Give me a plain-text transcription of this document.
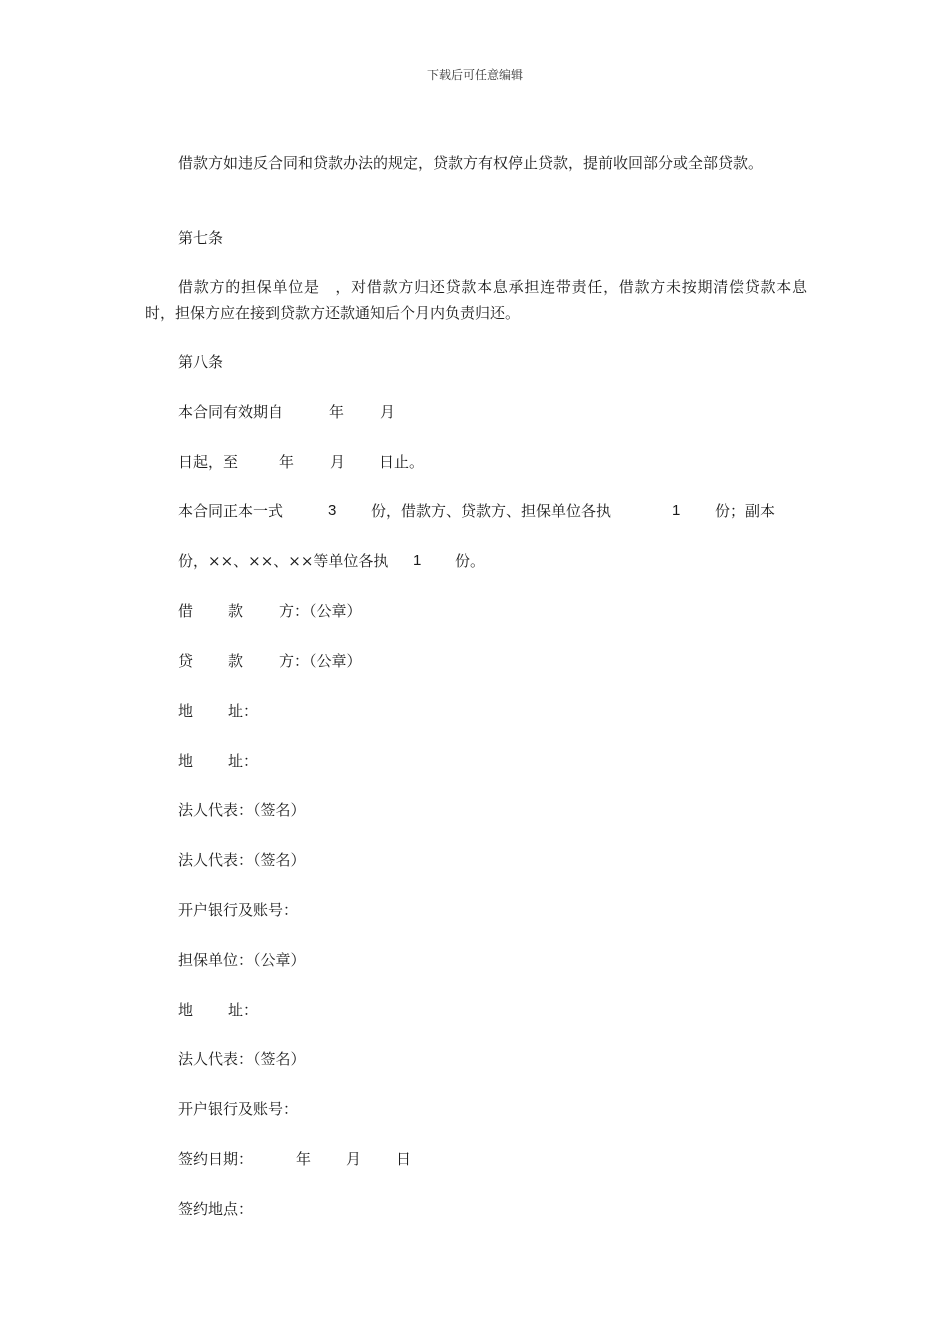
下载后可任意编辑
借款方如违反合同和贷款办法的规定，贷款方有权停止贷款，提前收回部分或全部贷款。
第七条
借款方的担保单位是　，对借款方归还贷款本息承担连带责任，借款方未按期清偿贷款本息时，担保方应在接到贷款方还款通知后个月内负责归还。
第八条
本合同有效期自	年 月
日起，至	年 月 日止。
本合同正本一式	3 份，借款方、贷款方、担保单位各执	1 份；副本
份，××、××、××等单位各执 1 份。
借 款 方：（公章）
贷 款 方：（公章）
地 址：
地 址：
法人代表：（签名）
法人代表：（签名）
开户银行及账号：
担保单位：（公章）
地 址：
法人代表：（签名）
开户银行及账号：
签约日期：	年 月 日
签约地点：
